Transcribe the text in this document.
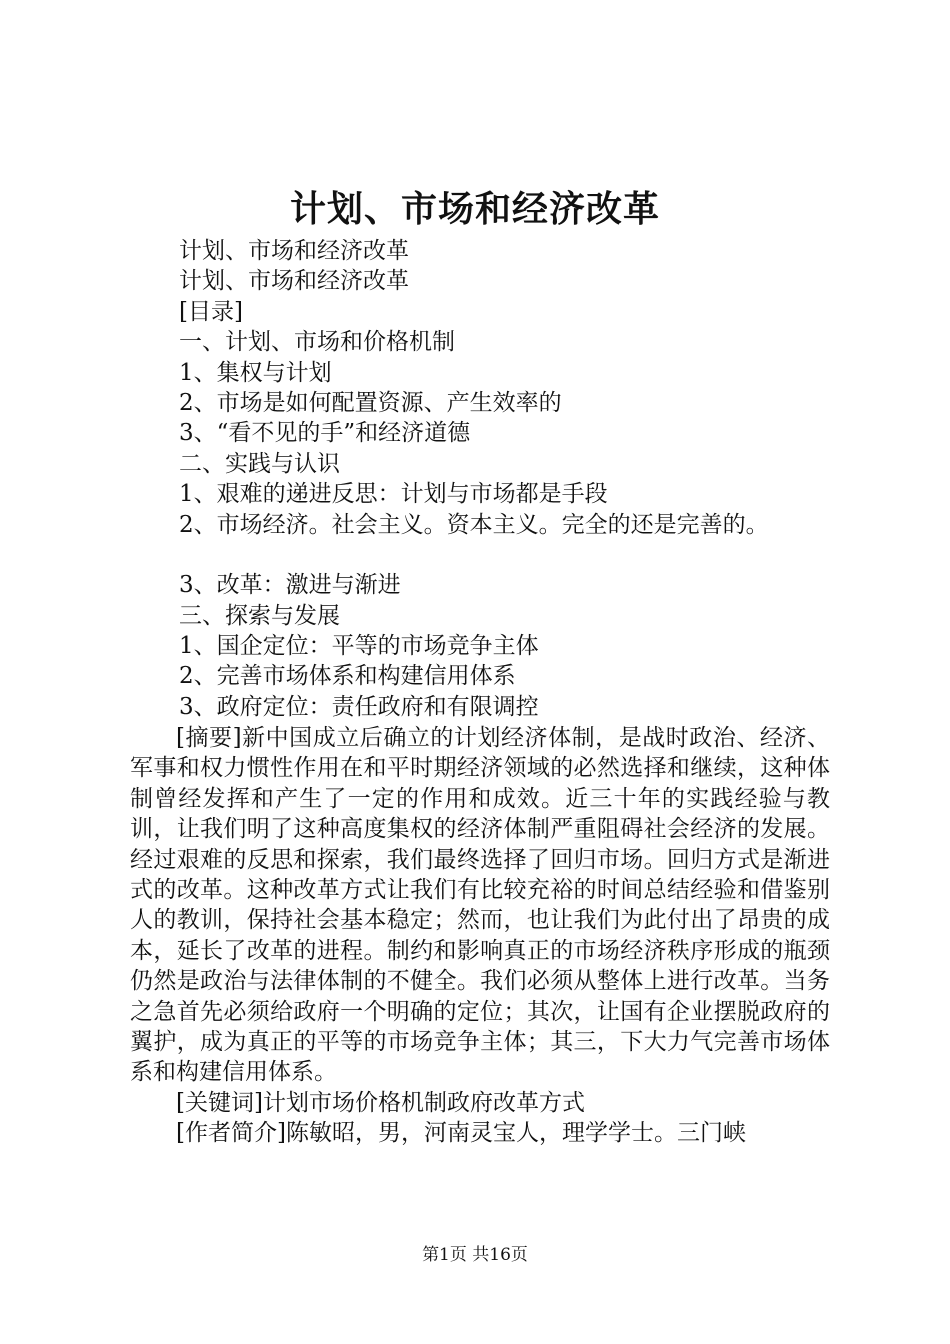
计划、市场和经济改革
计划、市场和经济改革
计划、市场和经济改革
[目录]
一、计划、市场和价格机制
1、集权与计划
2、市场是如何配置资源、产生效率的
3、“看不见的手”和经济道德
二、实践与认识
1、艰难的递进反思：计划与市场都是手段
2、市场经济。社会主义。资本主义。完全的还是完善的。
3、改革：激进与渐进
三、探索与发展
1、国企定位：平等的市场竞争主体
2、完善市场体系和构建信用体系
3、政府定位：责任政府和有限调控

[摘要]新中国成立后确立的计划经济体制，是战时政治、经济、军事和权力惯性作用在和平时期经济领域的必然选择和继续，这种体制曾经发挥和产生了一定的作用和成效。近三十年的实践经验与教训，让我们明了这种高度集权的经济体制严重阻碍社会经济的发展。经过艰难的反思和探索，我们最终选择了回归市场。回归方式是渐进式的改革。这种改革方式让我们有比较充裕的时间总结经验和借鉴别人的教训，保持社会基本稳定；然而，也让我们为此付出了昂贵的成本，延长了改革的进程。制约和影响真正的市场经济秩序形成的瓶颈仍然是政治与法律体制的不健全。我们必须从整体上进行改革。当务之急首先必须给政府一个明确的定位；其次，让国有企业摆脱政府的翼护，成为真正的平等的市场竞争主体；其三，下大力气完善市场体系和构建信用体系。

[关键词]计划市场价格机制政府改革方式

[作者简介]陈敏昭，男，河南灵宝人，理学学士。三门峡

第1页 共16页
